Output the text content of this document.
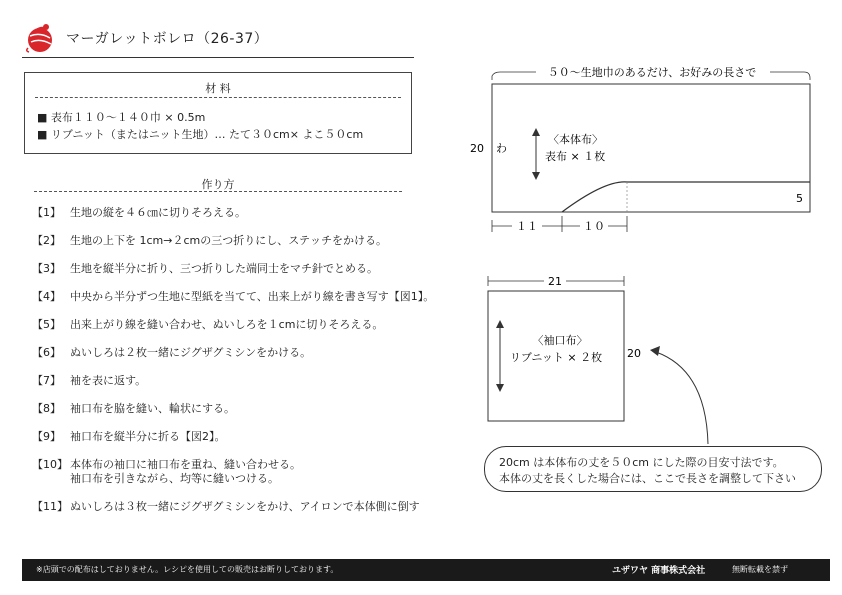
マーガレットボレロ（26-37）
材 料
■ 表布１１０〜１４０巾 × 0.5m
■ リブニット（またはニット生地）… たて３０cm× よこ５０cm
作り方
【1】 生地の縦を４６㎝に切りそろえる。
【2】 生地の上下を 1cm→２cmの三つ折りにし、ステッチをかける。
【3】 生地を縦半分に折り、三つ折りした端同士をマチ針でとめる。
【4】 中央から半分ずつ生地に型紙を当てて、出来上がり線を書き写す【図1】。
【5】 出来上がり線を縫い合わせ、ぬいしろを１cmに切りそろえる。
【6】 ぬいしろは２枚一緒にジグザグミシンをかける。
【7】 袖を表に返す。
【8】 袖口布を脇を縫い、輪状にする。
【9】 袖口布を縦半分に折る【図2】。
【10】 本体布の袖口に袖口布を重ね、縫い合わせる。
袖口布を引きながら、均等に縫いつける。
【11】 ぬいしろは３枚一緒にジグザグミシンをかけ、アイロンで本体側に倒す
５０〜生地巾のあるだけ、お好みの長さで
20 わ
〈本体布〉
表布 × １枚
5
１１	１０
21
20
〈袖口布〉
リブニット × ２枚
20cm は本体布の丈を５０cm にした際の目安寸法です。
本体の丈を長くした場合には、ここで長さを調整して下さい
※店頭での配布はしておりません。レシピを使用しての販売はお断りしております。	ユザワヤ 商事株式会社	無断転載を禁ず
